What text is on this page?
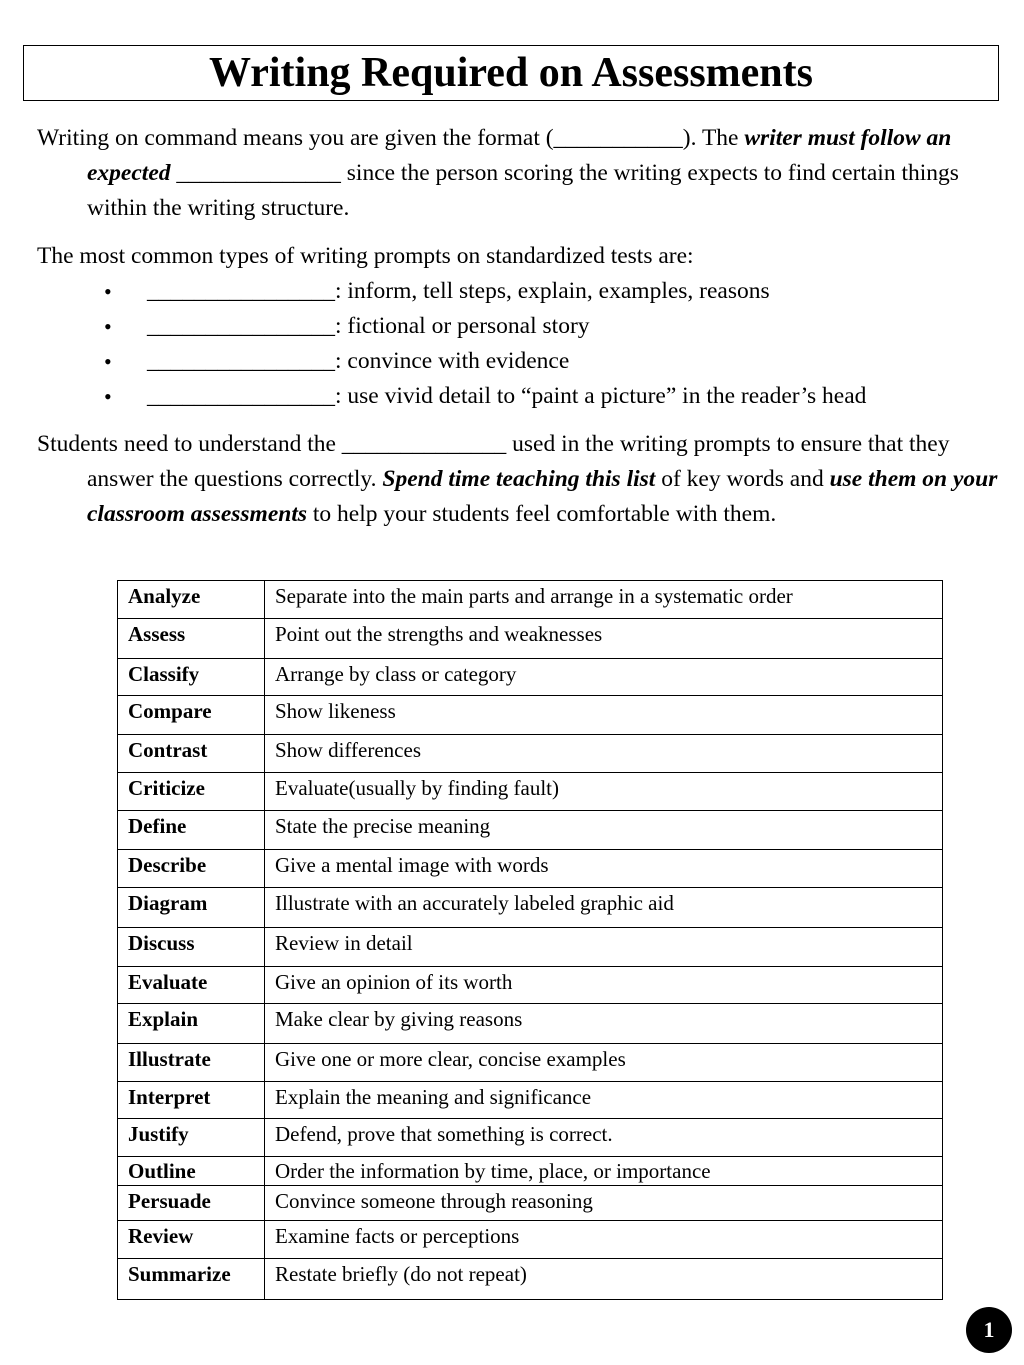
Writing Required on Assessments

Writing on command means you are given the format (___________). The writer must follow an expected ______________ since the person scoring the writing expects to find certain things within the writing structure.

The most common types of writing prompts on standardized tests are:

•	________________: inform, tell steps, explain, examples, reasons
•	________________: fictional or personal story
•	________________: convince with evidence
•	________________: use vivid detail to “paint a picture” in the reader’s head

Students need to understand the ______________ used in the writing prompts to ensure that they answer the questions correctly. Spend time teaching this list of key words and use them on your classroom assessments to help your students feel comfortable with them.

Analyze	Separate into the main parts and arrange in a systematic order
Assess	Point out the strengths and weaknesses
Classify	Arrange by class or category
Compare	Show likeness
Contrast	Show differences
Criticize	Evaluate(usually by finding fault)
Define	State the precise meaning
Describe	Give a mental image with words
Diagram	Illustrate with an accurately labeled graphic aid
Discuss	Review in detail
Evaluate	Give an opinion of its worth
Explain	Make clear by giving reasons
Illustrate	Give one or more clear, concise examples
Interpret	Explain the meaning and significance
Justify	Defend, prove that something is correct.
Outline	Order the information by time, place, or importance
Persuade	Convince someone through reasoning
Review	Examine facts or perceptions
Summarize	Restate briefly (do not repeat)
1
